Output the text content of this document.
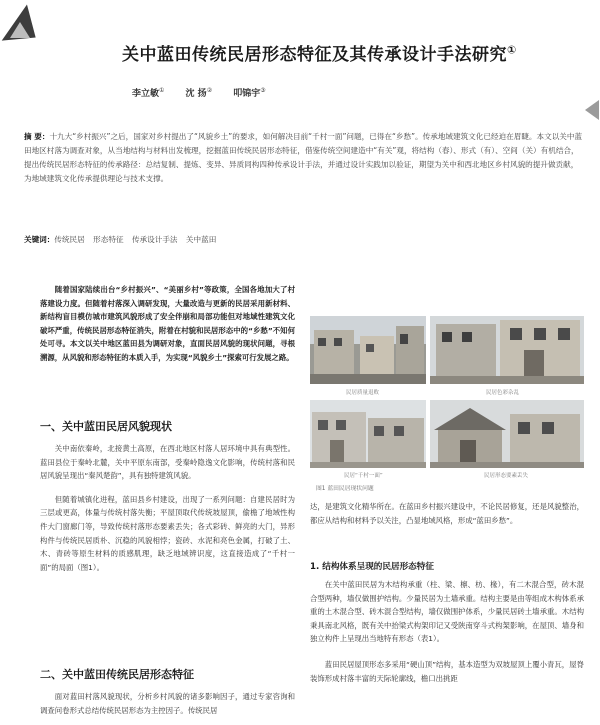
关中蓝田传统民居形态特征及其传承设计手法研究①
李立敏① 沈 扬② 叩锦宇③
摘 要：十九大“乡村振兴”之后，国家对乡村提出了“风貌乡土”的要求，如何解决目前“千村一面”问题，已得在“乡愁”。传承地域建筑文化已经迫在眉睫。本文以关中蓝田地区村落为调查对象，从当地结构与材料出发梳理，挖掘蓝田传统民居形态特征，借鉴传统空间建造中“有关”观，将结构（春）、形式（有）、空间（关）有机结合，提出传统民居形态特征的传承路径：总结复制、提炼、变异、异质同构四种传承设计手法，并通过设计实践加以验证，期望为关中和西北地区乡村风貌的提升做贡献，为地域建筑文化传承提供理论与技术支撑。
关键词：传统民居 形态特征 传承设计手法 关中蓝田

随着国家陆续出台“乡村振兴”、“美丽乡村”等政策，全国各地加大了村落建设力度。但随着村落深入调研发现，大量改造与更新的民居采用新材料、新结构盲目模仿城市建筑风貌形成了安全伴崩和局部功能但对地域性建筑文化破坏严重，传统民居形态特征消失，附着在村貌和民居形态中的“乡愁”不知何处可寻。本文以关中地区蓝田县为调研对象，直面民居风貌的现状问题，寻根溯源，从风貌和形态特征的本质入手，为实现“风貌乡土”探索可行发展之路。

一、关中蓝田民居风貌现状

关中南依秦岭，北接黄土高原，在西北地区村落人居环境中具有典型性。蓝田县位于秦岭北麓，关中平原东南部，受秦岭隐逸文化影响，传统村落和民居风貌呈现出“秦风楚韵”，具有独特建筑风貌。

但随着城镇化进程，蓝田县乡村建设，出现了一系列问题：自建民居时为三层或更高，体量与传统村落失衡；平屋顶取代传统坡屋顶，偷檐了地域性构件大门窗廊门等，导致传统村落形态要素丢失；各式彩砖、鲜亮的大门，异形构件与传统民居质朴、沉稳的风貌相悖；瓷砖、水泥和亮色金属，打破了土、木、青砖等原生材料的质感肌理，缺乏地域辨识度，这直接造成了“千村一面”的局面（图1）。

二、关中蓝田传统民居形态特征

面对蓝田村落风貌现状，分析乡村风貌的诸多影响因子，通过专家咨询和调查问卷形式总结传统民居形态为主控因子。传统民居

民居质量退败	民居色彩杂乱
民居“千村一面”	民居形态要素丢失
图1 蓝田民居现状问题

达，是建筑文化精华所在。在蓝田乡村振兴建设中，不论民居修复，还是风貌整治，都应从结构和材料予以关注，凸显地域风格，形成“蓝田乡愁”。

1. 结构体系呈现的民居形态特征

在关中蓝田民居为木结构承重（柱、梁、檩、枋、椽），有二木混合型，砖木混合型两种，墙仅做围护结构。少量民居为土墙承重。结构主要是由等组成木构体系承重的土木混合型、砖木混合型结构，墙仅做围护体系，少量民居砖土墙承重。木结构秉具南北风格，既有关中抬梁式构架印记又受陕南穿斗式构架影响，在屋顶、墙身和独立构件上呈现出当地特有形态（表1）。

蓝田民居屋顶形态多采用“硬山顶”结构，基本造型为双坡屋顶上覆小青瓦，屋脊装饰形成村落丰富的天际轮廓线，檐口出挑距
